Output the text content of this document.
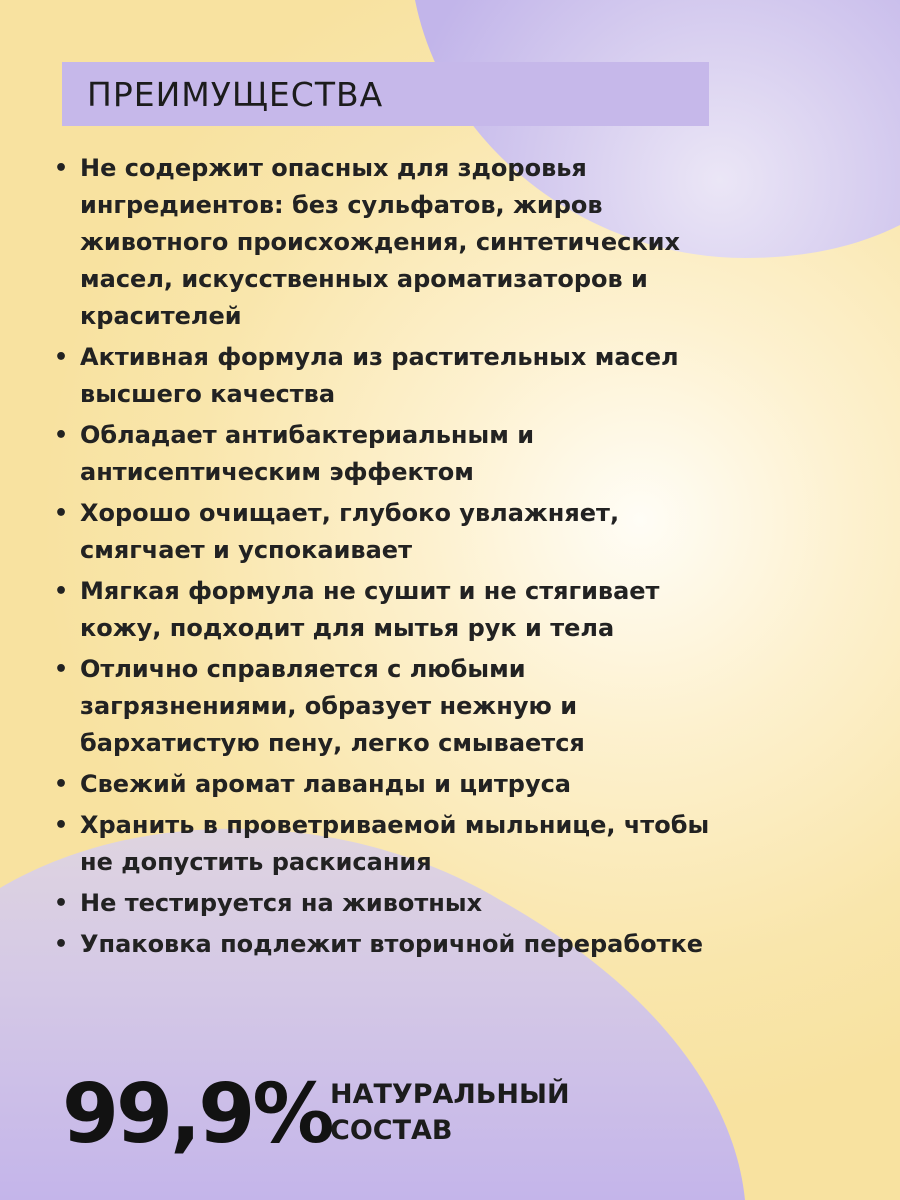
ПРЕИМУЩЕСТВА
• Не содержит опасных для здоровья ингредиентов: без сульфатов, жиров животного происхождения, синтетических масел, искусственных ароматизаторов и красителей
• Активная формула из растительных масел высшего качества
• Обладает антибактериальным и антисептическим эффектом
• Хорошо очищает, глубоко увлажняет, смягчает и успокаивает
• Мягкая формула не сушит и не стягивает кожу, подходит для мытья рук и тела
• Отлично справляется с любыми загрязнениями, образует нежную и бархатистую пену, легко смывается
• Свежий аромат лаванды и цитруса
• Хранить в проветриваемой мыльнице, чтобы не допустить раскисания
• Не тестируется на животных
• Упаковка подлежит вторичной переработке
99,9%
НАТУРАЛЬНЫЙ
СОСТАВ
